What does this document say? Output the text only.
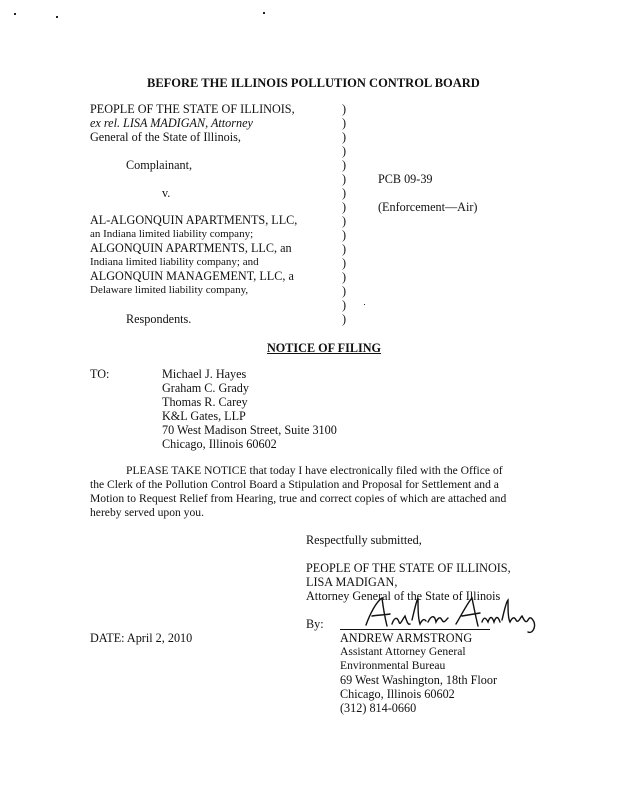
BEFORE THE ILLINOIS POLLUTION CONTROL BOARD
PEOPLE OF THE STATE OF ILLINOIS,
ex rel. LISA MADIGAN, Attorney
General of the State of Illinois,
Complainant,
v.
AL-ALGONQUIN APARTMENTS, LLC,
an Indiana limited liability company;
ALGONQUIN APARTMENTS, LLC, an
Indiana limited liability company; and
ALGONQUIN MANAGEMENT, LLC, a
Delaware limited liability company,
Respondents.
)
)
)
)
)
)
)
)
)
)
)
)
)
)
)
)
PCB 09-39
(Enforcement—Air)
NOTICE OF FILING
TO:	Michael J. Hayes
Graham C. Grady
Thomas R. Carey
K&L Gates, LLP
70 West Madison Street, Suite 3100
Chicago, Illinois 60602
PLEASE TAKE NOTICE that today I have electronically filed with the Office of
the Clerk of the Pollution Control Board a Stipulation and Proposal for Settlement and a
Motion to Request Relief from Hearing, true and correct copies of which are attached and
hereby served upon you.
Respectfully submitted,
PEOPLE OF THE STATE OF ILLINOIS,
LISA MADIGAN,
Attorney General of the State of Illinois
By:
DATE: April 2, 2010	ANDREW ARMSTRONG
Assistant Attorney General
Environmental Bureau
69 West Washington, 18th Floor
Chicago, Illinois 60602
(312) 814-0660
